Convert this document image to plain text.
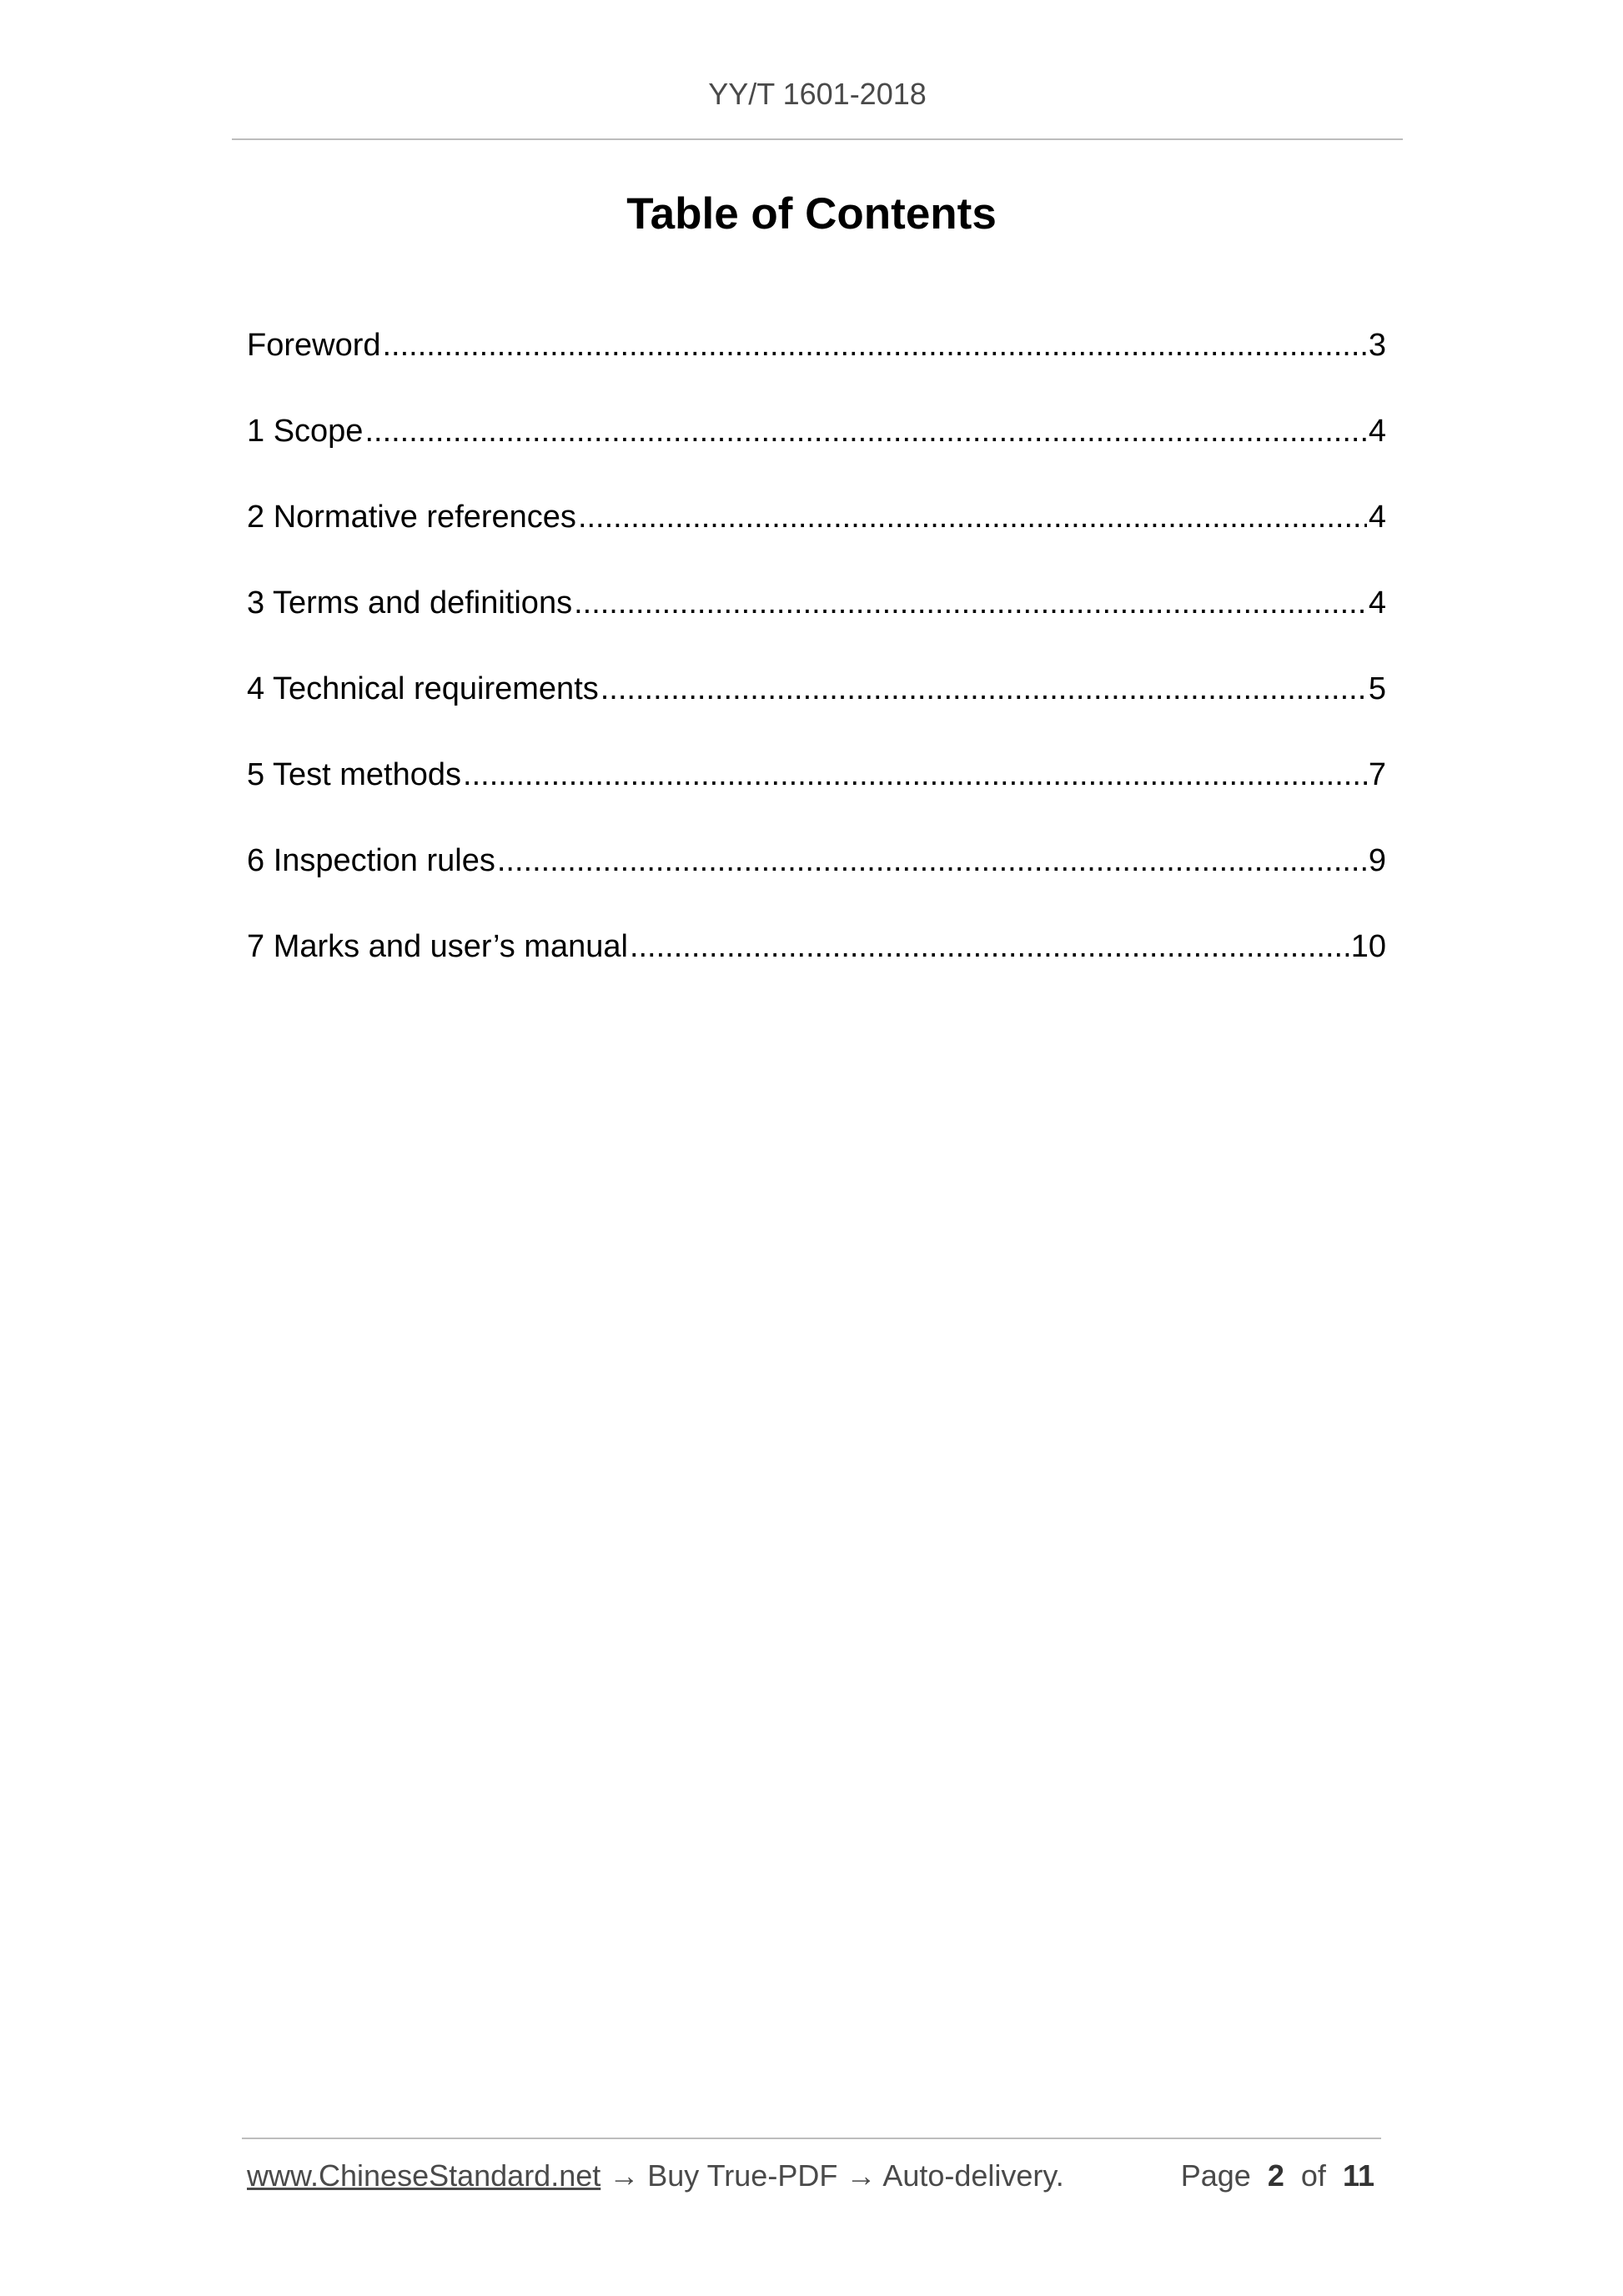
YY/T 1601-2018
Table of Contents
Foreword .....	3
1 Scope .....	4
2 Normative references .....	4
3 Terms and definitions .....	4
4 Technical requirements .....	5
5 Test methods .....	7
6 Inspection rules .....	9
7 Marks and user’s manual .....	10
www.ChineseStandard.net → Buy True-PDF → Auto-delivery.	Page 2 of 11
